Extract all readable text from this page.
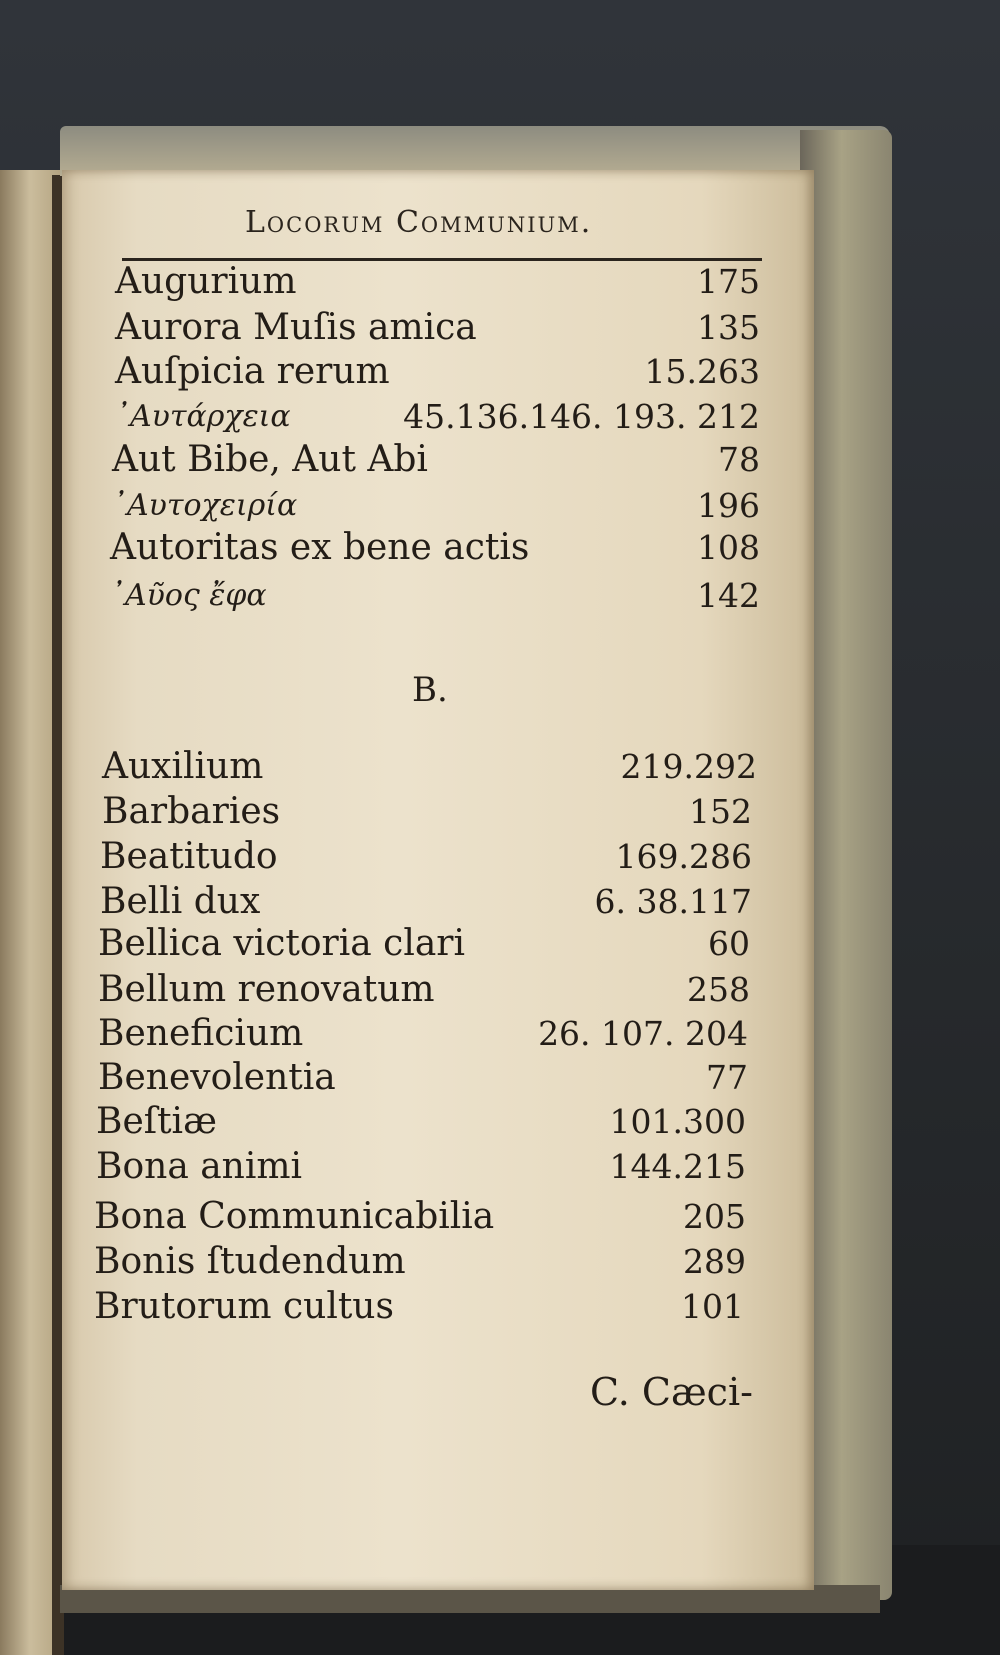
Locorum Communium.
Augurium	175
Aurora Muſis amica	135
Auſpicia rerum	15.263
᾿Αυτάρχεια	45.136.146. 193. 212
Aut Bibe, Aut Abi	78
᾿Αυτοχειρία	196
Autoritas ex bene actis	108
᾿Αυ̃ος ἔφα	142
B.
Auxilium	219.292
Barbaries	152
Beatitudo	169.286
Belli dux	6. 38.117
Bellica victoria clari	60
Bellum renovatum	258
Beneficium	26. 107. 204
Benevolentia	77
Beſtiæ	101.300
Bona animi	144.215
Bona Communicabilia	205
Bonis ſtudendum	289
Brutorum cultus	101
C. Cæci-
